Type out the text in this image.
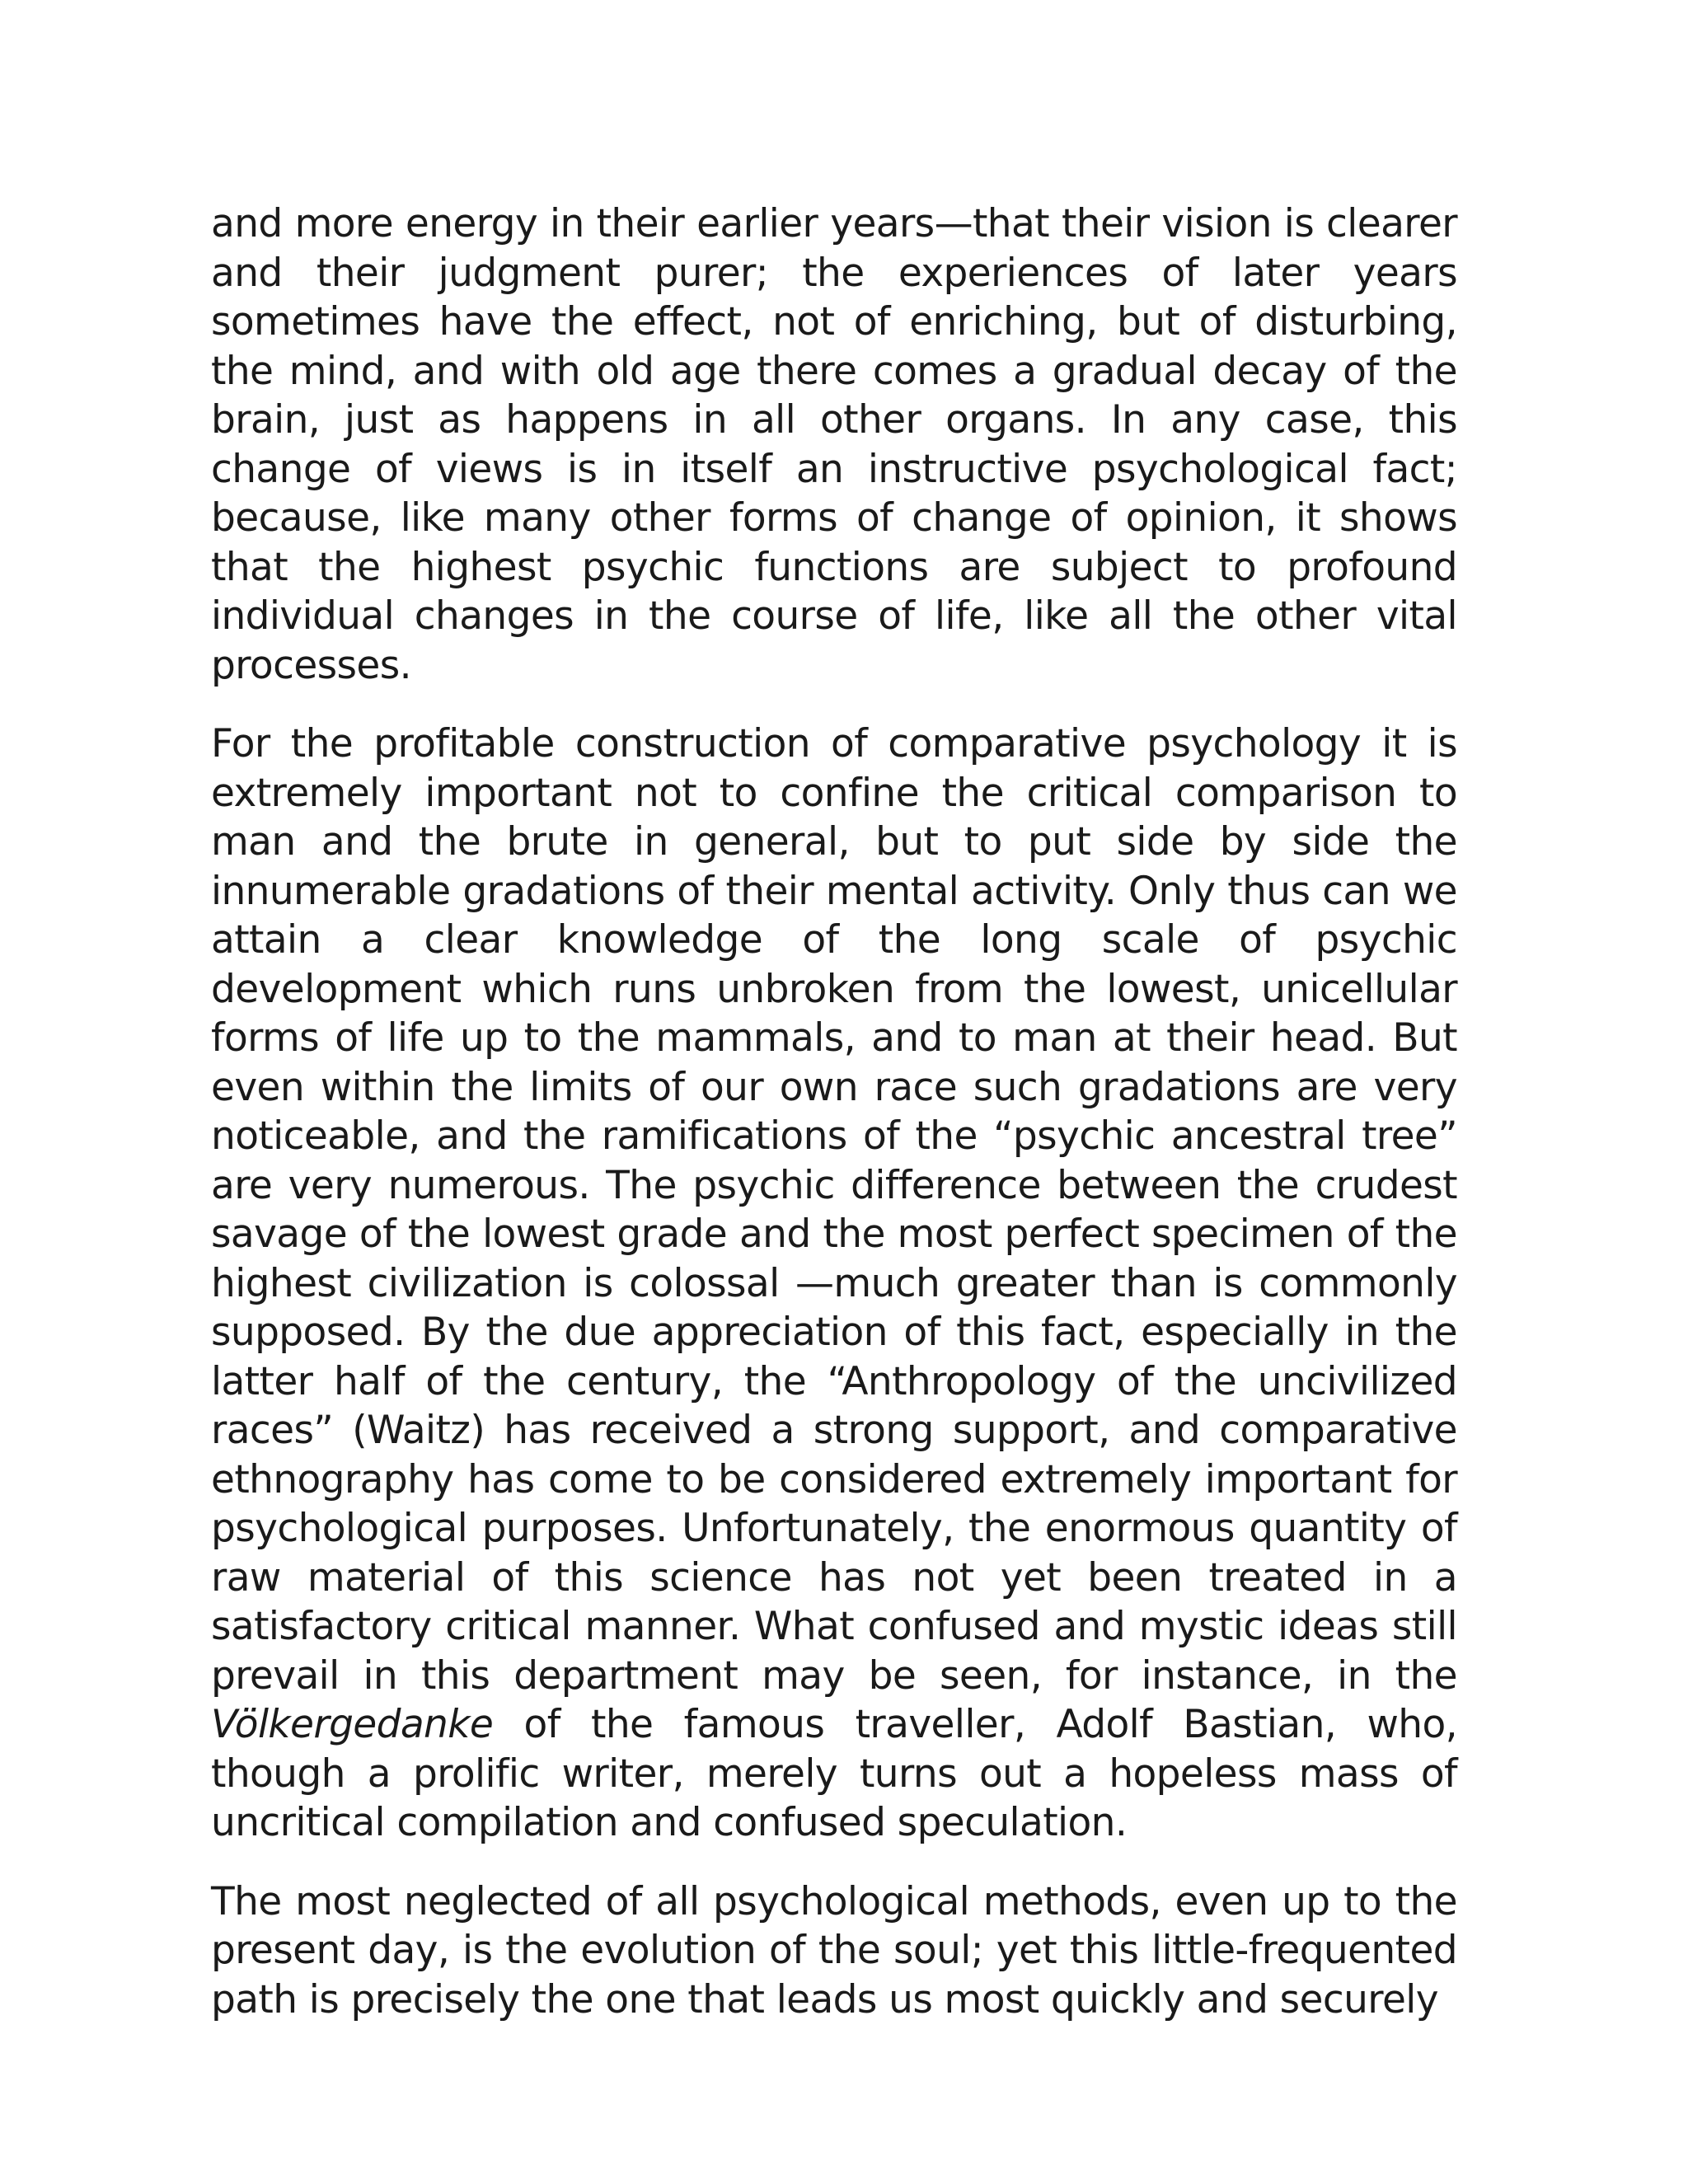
and more energy in their earlier years—that their vision is clearer and their judgment purer; the experiences of later years sometimes have the effect, not of enriching, but of disturbing, the mind, and with old age there comes a gradual decay of the brain, just as happens in all other organs. In any case, this change of views is in itself an instructive psychological fact; because, like many other forms of change of opinion, it shows that the highest psychic functions are subject to profound individual changes in the course of life, like all the other vital processes.

For the profitable construction of comparative psychology it is extremely important not to confine the critical comparison to man and the brute in general, but to put side by side the innumerable gradations of their mental activity. Only thus can we attain a clear knowledge of the long scale of psychic development which runs unbroken from the lowest, unicellular forms of life up to the mammals, and to man at their head. But even within the limits of our own race such gradations are very noticeable, and the ramifications of the “psychic ancestral tree” are very numerous. The psychic difference between the crudest savage of the lowest grade and the most perfect specimen of the highest civilization is colossal —much greater than is commonly supposed. By the due appreciation of this fact, especially in the latter half of the century, the “Anthropology of the uncivilized races” (Waitz) has received a strong support, and comparative ethnography has come to be considered extremely important for psychological purposes. Unfortunately, the enormous quantity of raw material of this science has not yet been treated in a satisfactory critical manner. What confused and mystic ideas still prevail in this department may be seen, for instance, in the Völkergedanke of the famous traveller, Adolf Bastian, who, though a prolific writer, merely turns out a hopeless mass of uncritical compilation and confused speculation.

The most neglected of all psychological methods, even up to the present day, is the evolution of the soul; yet this little-frequented path is precisely the one that leads us most quickly and securely
